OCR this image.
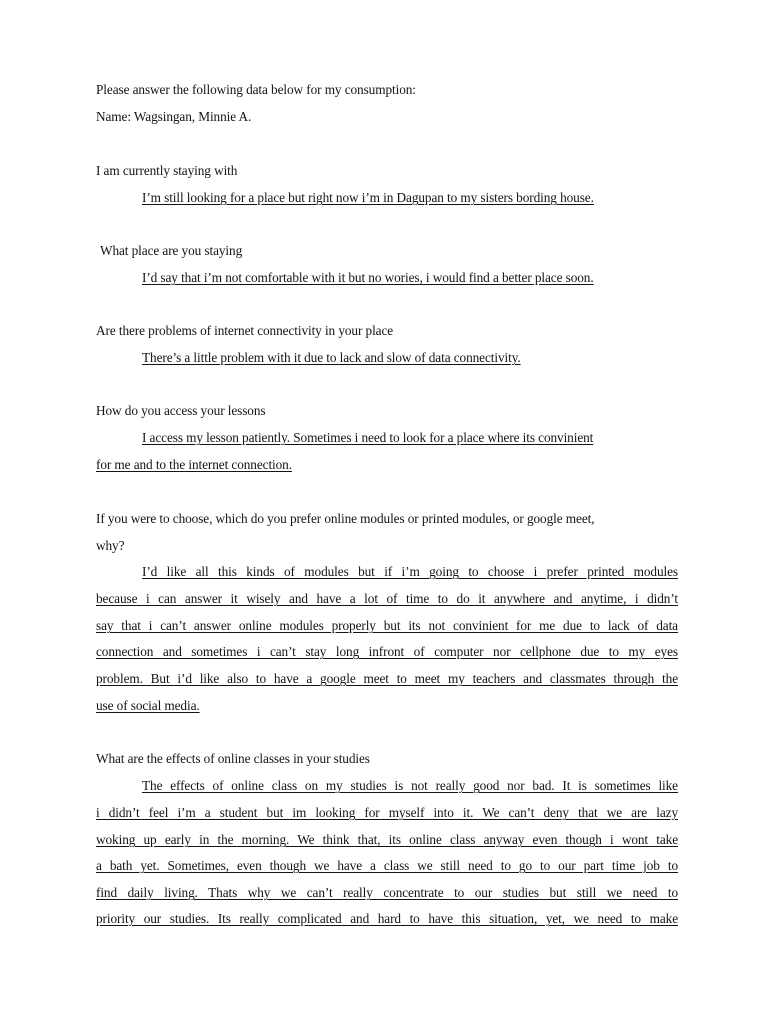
Please answer the following data below for my consumption:
Name: Wagsingan, Minnie A.
I am currently staying with
I’m still looking for a place but right now i’m in Dagupan to my sisters bording house.
What place are you staying
I’d say that i’m not comfortable with it but no wories, i would find a better place soon.
Are there problems of internet connectivity in your place
There’s a little problem with it due to lack and slow of data connectivity.
How do you access your lessons
I access my lesson patiently. Sometimes i need to look for a place where its convinient
for me and to the internet connection.
If you were to choose, which do you prefer online modules or printed modules, or google meet,
why?
I’d like all this kinds of modules but if i’m going to choose i prefer printed modules
because i can answer it wisely and have a lot of time to do it anywhere and anytime, i didn’t
say that i can’t answer online modules properly but its not convinient for me due to lack of data
connection and sometimes i can’t stay long infront of computer nor cellphone due to my eyes
problem. But i’d like also to have a google meet to meet my teachers and classmates through the
use of social media.
What are the effects of online classes in your studies
The effects of online class on my studies is not really good nor bad. It is sometimes like
i didn’t feel i’m a student but im looking for myself into it. We can’t deny that we are lazy
woking up early in the morning. We think that, its online class anyway even though i wont take
a bath yet. Sometimes, even though we have a class we still need to go to our part time job to
find daily living. Thats why we can’t really concentrate to our studies but still we need to
priority our studies. Its really complicated and hard to have this situation, yet, we need to make
